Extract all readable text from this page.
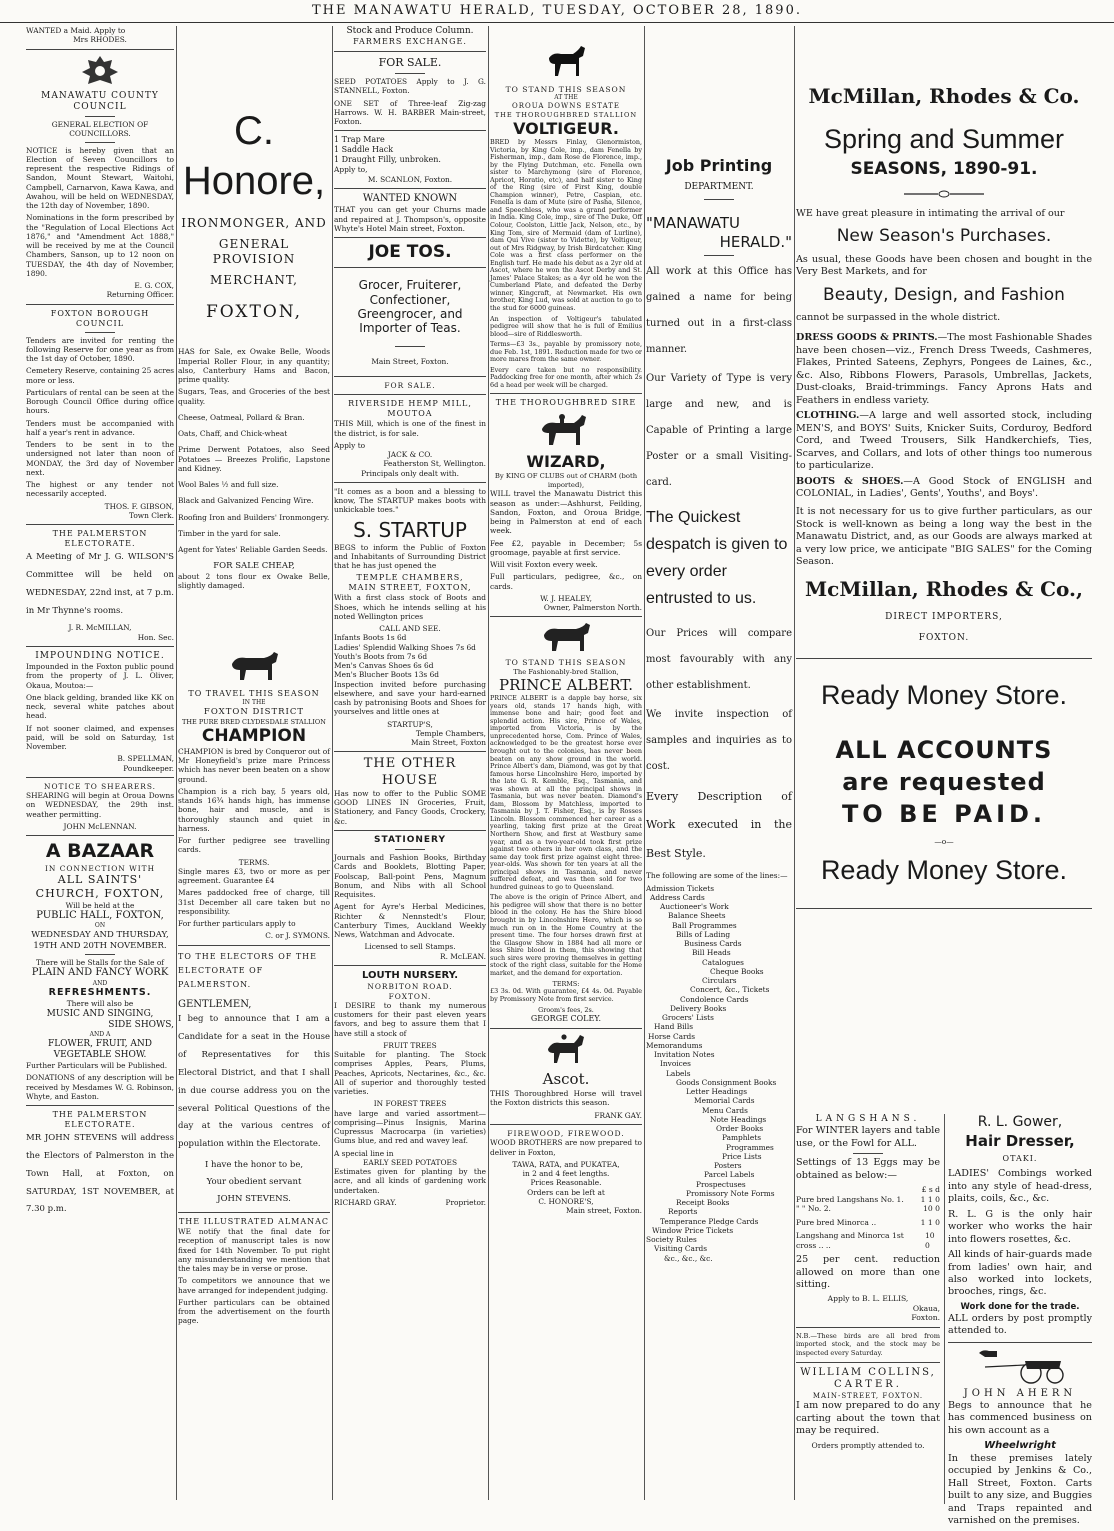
THE MANAWATU HERALD, TUESDAY, OCTOBER 28, 1890.
WANTED a Maid. Apply to
Mrs RHODES.
MANAWATU COUNTY COUNCIL
GENERAL ELECTION OF COUNCILLORS.

NOTICE is hereby given that an Election of Seven Councillors to represent the respective Ridings of Sandon, Mount Stewart, Waitohi, Campbell, Carnarvon, Kawa Kawa, and Awahou, will be held on WEDNESDAY, the 12th day of November, 1890.

Nominations in the form prescribed by the "Regulation of Local Elections Act 1876," and "Amendment Act 1888," will be received by me at the Council Chambers, Sanson, up to 12 noon on TUESDAY, the 4th day of November, 1890.

E. G. COX,
Returning Officer.
FOXTON BOROUGH COUNCIL

Tenders are invited for renting the following Reserve for one year as from the 1st day of October, 1890.

Cemetery Reserve, containing 25 acres more or less.

Particulars of rental can be seen at the Borough Council Office during office hours.

Tenders must be accompanied with half a year's rent in advance.

Tenders to be sent in to the undersigned not later than noon of MONDAY, the 3rd day of November next.

The highest or any tender not necessarily accepted.

THOS. F. GIBSON,
Town Clerk.
THE PALMERSTON ELECTORATE.

A Meeting of Mr J. G. WILSON'S Committee will be held on WEDNESDAY, 22nd inst, at 7 p.m. in Mr Thynne's rooms.

J. R. McMILLAN,
Hon. Sec.
IMPOUNDING NOTICE.

Impounded in the Foxton public pound from the property of J. L. Oliver, Okaua, Moutoa:—

One black gelding, branded like KK on neck, several white patches about head.

If not sooner claimed, and expenses paid, will be sold on Saturday, 1st November.

B. SPELLMAN,
Poundkeeper.
NOTICE TO SHEARERS.

SHEARING will begin at Oroua Downs on WEDNESDAY, the 29th inst. weather permitting.

JOHN McLENNAN.
A BAZAAR
IN CONNECTION WITH
ALL SAINTS' CHURCH, FOXTON,
Will be held at the
PUBLIC HALL, FOXTON,
ON
WEDNESDAY AND THURSDAY, 19TH AND 20TH NOVEMBER.
There will be Stalls for the Sale of
PLAIN AND FANCY WORK
AND
REFRESHMENTS.
There will also be
MUSIC AND SINGING,
SIDE SHOWS,
AND A
FLOWER, FRUIT, AND VEGETABLE SHOW.

Further Particulars will be Published.

DONATIONS of any description will be received by Mesdames W. G. Robinson, Whyte, and Easton.

THE PALMERSTON ELECTORATE.

MR JOHN STEVENS will address the Electors of Palmerston in the Town Hall, at Foxton, on SATURDAY, 1ST NOVEMBER, at 7.30 p.m.

C. Honore,
IRONMONGER, AND
GENERAL PROVISION
MERCHANT,
FOXTON,

HAS for Sale, ex Owake Belle, Woods Imperial Roller Flour, in any quantity; also, Canterbury Hams and Bacon, prime quality.

Sugars, Teas, and Groceries of the best quality.

Cheese, Oatmeal, Pollard & Bran.

Oats, Chaff, and Chick-wheat

Prime Derwent Potatoes, also Seed Potatoes — Breezes Prolific, Lapstone and Kidney.

Wool Bales ½ and full size.

Black and Galvanized Fencing Wire.

Roofing Iron and Builders' Ironmongery.

Timber in the yard for sale.

Agent for Yates' Reliable Garden Seeds.

FOR SALE CHEAP,

about 2 tons flour ex Owake Belle, slightly damaged.

TO TRAVEL THIS SEASON
IN THE
FOXTON DISTRICT
THE PURE BRED CLYDESDALE STALLION
CHAMPION

CHAMPION is bred by Conqueror out of Mr Honeyfield's prize mare Princess which has never been beaten on a show ground.

Champion is a rich bay, 5 years old, stands 16¾ hands high, has immense bone, hair and muscle, and is thoroughly staunch and quiet in harness.

For further pedigree see travelling cards.

TERMS.

Single mares £3, two or more as per agreement. Guarantee £4

Mares paddocked free of charge, till 31st December all care taken but no responsibility.

For further particulars apply to

C. or J. SYMONS.
TO THE ELECTORS OF THE ELECTORATE OF PALMERSTON.
GENTLEMEN,

I beg to announce that I am a Candidate for a seat in the House of Representatives for this Electoral District, and that I shall in due course address you on the several Political Questions of the day at the various centres of population within the Electorate.

I have the honor to be,
Your obedient servant
JOHN STEVENS.
THE ILLUSTRATED ALMANAC

WE notify that the final date for reception of manuscript tales is now fixed for 14th November. To put right any misunderstanding we mention that the tales may be in verse or prose.

To competitors we announce that we have arranged for independent judging.

Further particulars can be obtained from the advertisement on the fourth page.

Stock and Produce Column.
FARMERS EXCHANGE.
FOR SALE.

SEED POTATOES Apply to J. G. STANNELL, Foxton.

ONE SET of Three-leaf Zig-zag Harrows. W. H. BARBER Main-street, Foxton.

1 Trap Mare
1 Saddle Hack
1 Draught Filly, unbroken.
Apply to,
M. SCANLON, Foxton.
WANTED KNOWN

THAT you can get your Churns made and repaired at J. Thompson's, opposite Whyte's Hotel Main street, Foxton.

JOE TOS.
Grocer, Fruiterer, Confectioner, Greengrocer, and Importer of Teas.
Main Street, Foxton.
FOR SALE.
RIVERSIDE HEMP MILL,
MOUTOA

THIS Mill, which is one of the finest in the district, is for sale.

Apply to
JACK & CO.
Featherston St, Wellington.
Principals only dealt with.

"It comes as a boon and a blessing to know, The STARTUP makes boots with unkickable toes."

S. STARTUP

BEGS to inform the Public of Foxton and Inhabitants of Surrounding District that he has just opened the

TEMPLE CHAMBERS,
MAIN STREET, FOXTON,

With a first class stock of Boots and Shoes, which he intends selling at his noted Wellington prices

CALL AND SEE.
Infants Boots 1s 6d
Ladies' Splendid Walking Shoes 7s 6d
Youth's Boots from 7s 6d
Men's Canvas Shoes 6s 6d
Men's Blucher Boots 13s 6d

Inspection invited before purchasing elsewhere, and save your hard-earned cash by patronising Boots and Shoes for yourselves and little ones at

STARTUP'S,
Temple Chambers,
Main Street, Foxton
THE OTHER HOUSE

Has now to offer to the Public SOME GOOD LINES IN Groceries, Fruit, Stationery, and Fancy Goods, Crockery, &c.

STATIONERY

Journals and Fashion Books, Birthday Cards and Booklets, Blotting Paper, Foolscap, Ball-point Pens, Magnum Bonum, and Nibs with all School Requisites.

Agent for Ayre's Herbal Medicines, Richter & Nennstedt's Flour, Canterbury Times, Auckland Weekly News, Watchman and Advocate.

Licensed to sell Stamps.
R. McLEAN.
LOUTH NURSERY.
NORBITON ROAD.
FOXTON.

I DESIRE to thank my numerous customers for their past eleven years favors, and beg to assure them that I have still a stock of

FRUIT TREES

Suitable for planting. The Stock comprises Apples, Pears, Plums, Peaches, Apricots, Nectarines, &c., &c. All of superior and thoroughly tested varieties.

IN FOREST TREES

have large and varied assortment—comprising—Pinus Insignis, Marina Cupressus Macrocarpa (in varieties) Gums blue, and red and wavey leaf.

A special line in
EARLY SEED POTATOES

Estimates given for planting by the acre, and all kinds of gardening work undertaken.

RICHARD GRAY.	Proprietor.
TO STAND THIS SEASON
AT THE
OROUA DOWNS ESTATE
THE THOROUGHBRED STALLION
VOLTIGEUR.

BRED by Messrs Finlay, Glenormiston, Victoria, by King Cole, imp., dam Fenella by Fisherman, imp., dam Rose de Florence, imp., by the Flying Dutchman, etc. Fenella own sister to Marchymong (sire of Florence, Apricot, Horatio, etc), and half sister to King of the Ring (sire of First King, double Champion winner), Petre, Caspian, etc. Fenella is dam of Mute (sire of Pasha, Silence, and Speechless, who was a grand performer in India. King Cole, imp., sire of The Duke, Off Colour, Coolston, Little Jack, Nelson, etc., by King Tom, sire of Mermaid (dam of Lurline), dam Qui Vive (sister to Vidette), by Voltigeur, out of Mrs Ridgway, by Irish Birdcatcher. King Cole was a first class performer on the English turf. He made his debut as a 2yr old at Ascot, where he won the Ascot Derby and St. James' Palace Stakes; as a 4yr old he won the Cumberland Plate, and defeated the Derby winner, Kingcraft, at Newmarket. His own brother, King Lud, was sold at auction to go to the stud for 6000 guineas.

An inspection of Voltigeur's tabulated pedigree will show that he is full of Emilius blood—sire of Riddlesworth.

Terms—£3 3s., payable by promissory note, due Feb. 1st, 1891. Reduction made for two or more mares from the same owner.

Every care taken but no responsibility. Paddocking free for one month, after which 2s 6d a head per week will be charged.

THE THOROUGHBRED SIRE
WIZARD,
By KING OF CLUBS out of CHARM (both imported),

WILL travel the Manawatu District this season as under:—Ashhurst, Feilding, Sandon, Foxton, and Oroua Bridge, being in Palmerston at end of each week.

Fee £2, payable in December; 5s groomage, payable at first service.

Will visit Foxton every week.

Full particulars, pedigree, &c., on cards.

W. J. HEALEY,
Owner, Palmerston North.
TO STAND THIS SEASON
The Fashionably-bred Stallion,
PRINCE ALBERT.

PRINCE ALBERT is a dapple bay horse, six years old, stands 17 hands high, with immense bone and hair; good feet and splendid action. His sire, Prince of Wales, imported from Victoria, is by the unprecedented horse, Com. Prince of Wales, acknowledged to be the greatest horse ever brought out to the colonies, has never been beaten on any show ground in the world. Prince Albert's dam, Diamond, was got by that famous horse Lincolnshire Hero, imported by the late G. R. Kemble, Esq., Tasmania, and was shown at all the principal shows in Tasmania, but was never beaten. Diamond's dam, Blossom by Matchless, imported to Tasmania by J. T. Fisher, Esq., is by Rosses Lincoln. Blossom commenced her career as a yearling, taking first prize at the Great Northern Show, and first at Westbury same year, and as a two-year-old took first prize against two others in her own class, and the same day took first prize against eight three-year-olds. Was shown for ten years at all the principal shows in Tasmania, and never suffered defeat, and was then sold for two hundred guineas to go to Queensland.

The above is the origin of Prince Albert, and his pedigree will show that there is no better blood in the colony. He has the Shire blood brought in by Lincolnshire Hero, which is so much run on in the Home Country at the present time. The four horses drawn first at the Glasgow Show in 1884 had all more or less Shire blood in them, this showing that such sires were proving themselves in getting stock of the right class, suitable for the Home market, and the demand for exportation.

TERMS:

£3 3s. 0d. With guarantee, £4 4s. 0d. Payable by Promissory Note from first service.

Groom's fees, 2s.
GEORGE COLEY.
Ascot.

THIS Thoroughbred Horse will travel the Foxton districts this season.

FRANK GAY.
FIREWOOD, FIREWOOD.

WOOD BROTHERS are now prepared to deliver in Foxton,

TAWA, RATA, and PUKATEA,
in 2 and 4 feet lengths.
Prices Reasonable.
Orders can be left at
C. HONORE'S,
Main street, Foxton.
Job Printing
DEPARTMENT.
"MANAWATU
HERALD."

All work at this Office has gained a name for being turned out in a first-class manner.

Our Variety of Type is very large and new, and is Capable of Printing a large Poster or a small Visiting-card.

The Quickest despatch is given to every order entrusted to us.

Our Prices will compare most favourably with any other establishment.

We invite inspection of samples and inquiries as to cost.

Every Description of Work executed in the Best Style.

The following are some of the lines:—

Admission Tickets
Address Cards
Auctioneer's Work
Balance Sheets
Ball Programmes
Bills of Lading
Business Cards
Bill Heads
Catalogues
Cheque Books
Circulars
Concert, &c., Tickets
Condolence Cards
Delivery Books
Grocers' Lists
Hand Bills
Horse Cards
Memorandums
Invitation Notes
Invoices
Labels
Goods Consignment Books
Letter Headings
Memorial Cards
Menu Cards
Note Headings
Order Books
Pamphlets
Programmes
Price Lists
Posters
Parcel Labels
Prospectuses
Promissory Note Forms
Receipt Books
Reports
Temperance Pledge Cards
Window Price Tickets
Society Rules
Visiting Cards
&c., &c., &c.
McMillan, Rhodes & Co.
Spring and Summer
SEASONS, 1890-91.

WE have great pleasure in intimating the arrival of our

New Season's Purchases.

As usual, these Goods have been chosen and bought in the Very Best Markets, and for

Beauty, Design, and Fashion

cannot be surpassed in the whole district.

DRESS GOODS & PRINTS.—The most Fashionable Shades have been chosen—viz., French Dress Tweeds, Cashmeres, Flakes, Printed Sateens, Zephyrs, Pongees de Laines, &c., &c. Also, Ribbons Flowers, Parasols, Umbrellas, Jackets, Dust-cloaks, Braid-trimmings. Fancy Aprons Hats and Feathers in endless variety.

CLOTHING.—A large and well assorted stock, including MEN'S, and BOYS' Suits, Knicker Suits, Corduroy, Bedford Cord, and Tweed Trousers, Silk Handkerchiefs, Ties, Scarves, and Collars, and lots of other things too numerous to particularize.

BOOTS & SHOES.—A Good Stock of ENGLISH and COLONIAL, in Ladies', Gents', Youths', and Boys'.

It is not necessary for us to give further particulars, as our Stock is well-known as being a long way the best in the Manawatu District, and, as our Goods are always marked at a very low price, we anticipate "BIG SALES" for the Coming Season.

McMillan, Rhodes & Co.,
DIRECT IMPORTERS,
FOXTON.
Ready Money Store.
ALL ACCOUNTS
are requested
TO BE PAID.
—o—
Ready Money Store.
LANGSHANS.

For WINTER layers and table use, or the Fowl for ALL.

Settings of 13 Eggs may be obtained as below:—

£ s d
Pure bred Langshans No. 1. 1 1 0
" " No. 2.	10 0
Pure bred Minorca ..	1 1 0
Langshang and Minorca 1st cross .. ..
10 0

25 per cent. reduction allowed on more than one sitting.

Apply to B. L. ELLIS,
Okaua,
Foxton.

N.B.—These birds are all bred from imported stock, and the stock may be inspected every Saturday.

WILLIAM COLLINS,
CARTER.
MAIN-STREET, FOXTON.

I am now prepared to do any carting about the town that may be required.

Orders promptly attended to.
R. L. Gower,
Hair Dresser,
OTAKI.

LADIES' Combings worked into any style of head-dress, plaits, coils, &c., &c.

R. L. G is the only hair worker who works the hair into flowers rosettes, &c.

All kinds of hair-guards made from ladies' own hair, and also worked into lockets, brooches, rings, &c.

Work done for the trade.

ALL orders by post promptly attended to.

JOHN AHERN

Begs to announce that he has commenced business on his own account as a

Wheelwright

In these premises lately occupied by Jenkins & Co., Hall Street, Foxton. Carts built to any size, and Buggies and Traps repainted and varnished on the premises.
